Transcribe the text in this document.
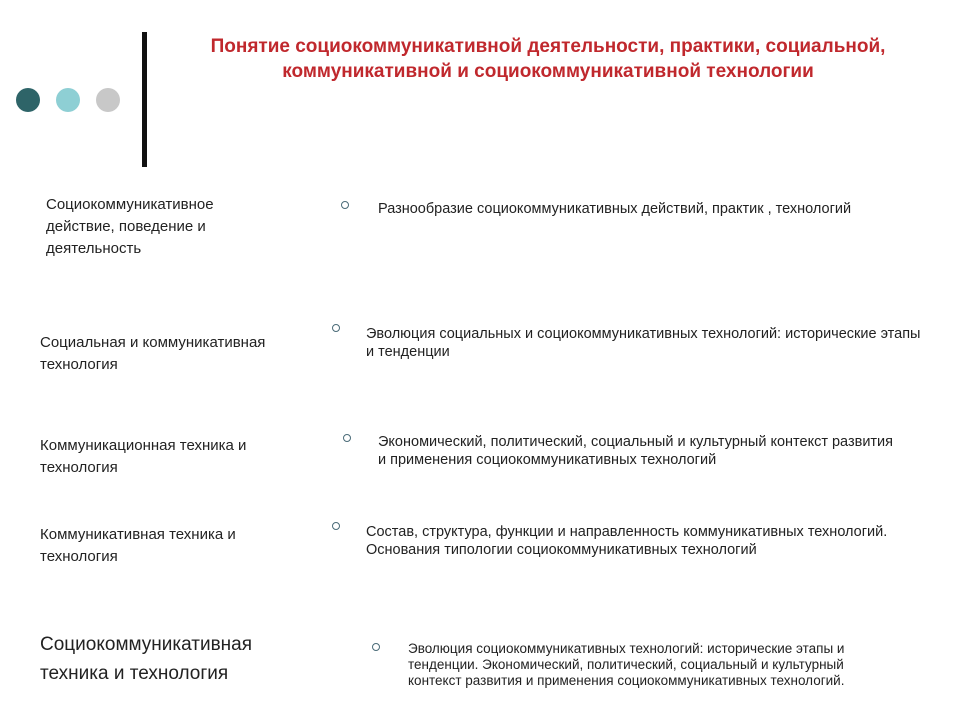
Понятие социокоммуникативной деятельности, практики, социальной, коммуникативной и социокоммуникативной технологии
Социокоммуникативное действие, поведение и деятельность
Разнообразие социокоммуникативных действий, практик , технологий
Социальная и коммуникативная технология
Эволюция социальных и социокоммуникативных технологий: исторические этапы и тенденции
Коммуникационная техника и технология
Экономический, политический, социальный и культурный контекст развития и применения социокоммуникативных технологий
Коммуникативная техника и технология
Состав, структура, функции и направленность коммуникативных технологий. Основания типологии социокоммуникативных технологий
Социокоммуникативная техника и технология
Эволюция социокоммуникативных технологий: исторические этапы и тенденции. Экономический, политический, социальный и культурный контекст развития и применения социокоммуникативных технологий.
